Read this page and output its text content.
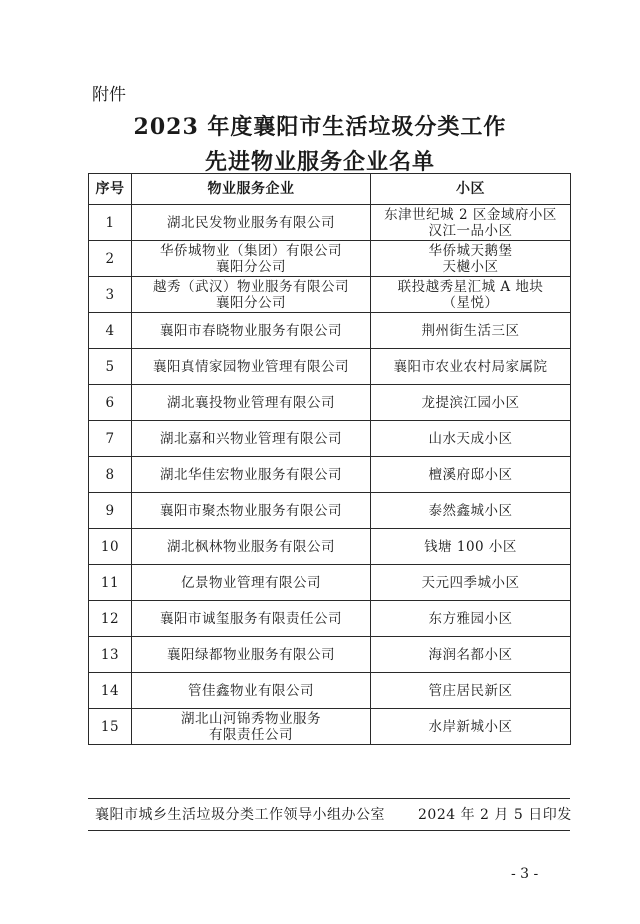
附件
2023 年度襄阳市生活垃圾分类工作
先进物业服务企业名单
序号	物业服务企业	小区
1	湖北民发物业服务有限公司	东津世纪城 2 区金域府小区
汉江一品小区

2	华侨城物业（集团）有限公司
襄阳分公司	华侨城天鹅堡
天樾小区

3	越秀（武汉）物业服务有限公司
襄阳分公司	联投越秀星汇城 A 地块
（星悦）

4	襄阳市春晓物业服务有限公司	荆州街生活三区

5	襄阳真情家园物业管理有限公司	襄阳市农业农村局家属院

6	湖北襄投物业管理有限公司	龙提滨江园小区

7	湖北嘉和兴物业管理有限公司	山水天成小区

8	湖北华佳宏物业服务有限公司	檀溪府邸小区

9	襄阳市聚杰物业服务有限公司	泰然鑫城小区

10	湖北枫林物业服务有限公司	钱塘 100 小区

11	亿景物业管理有限公司	天元四季城小区

12	襄阳市诚玺服务有限责任公司	东方雅园小区

13	襄阳绿都物业服务有限公司	海润名都小区

14	管佳鑫物业有限公司	管庄居民新区

15	湖北山河锦秀物业服务
有限责任公司	水岸新城小区
襄阳市城乡生活垃圾分类工作领导小组办公室 2024 年 2 月 5 日印发
- 3 -
